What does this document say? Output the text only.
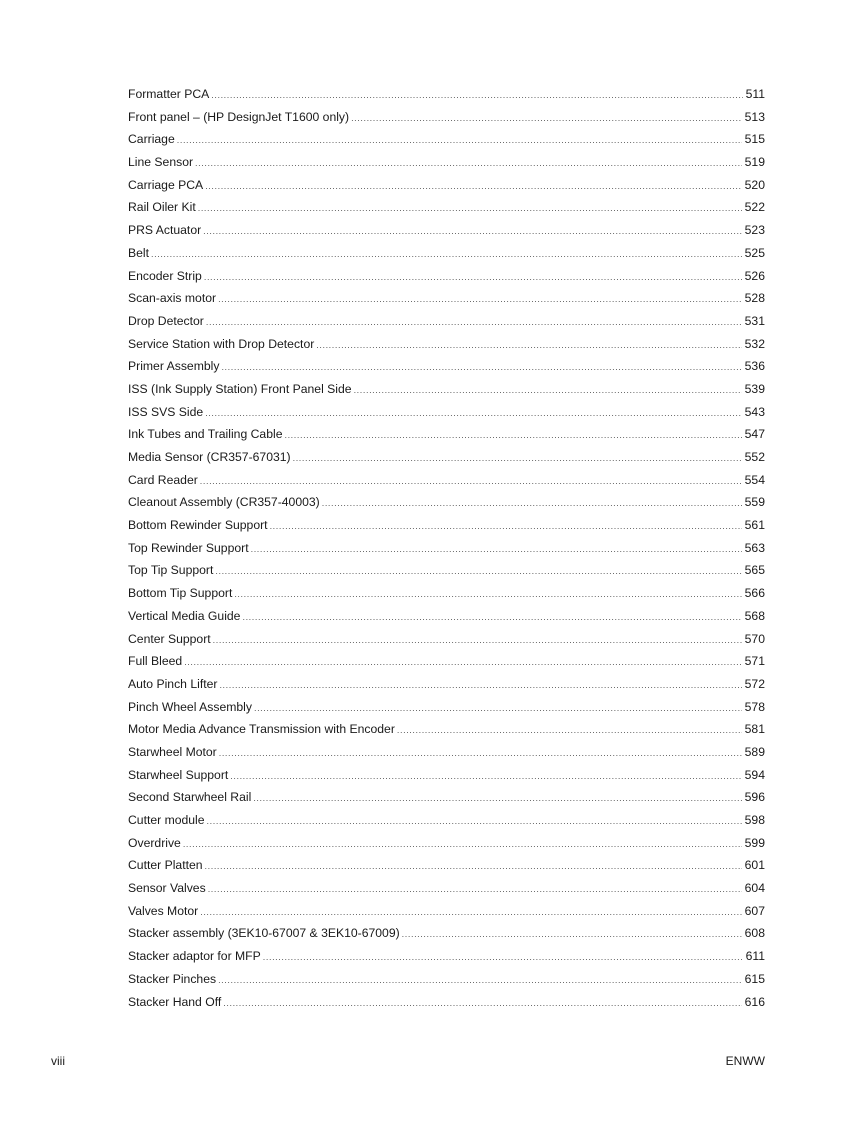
Formatter PCA .....	511
Front panel – (HP DesignJet T1600 only) .....	513
Carriage .....	515
Line Sensor .....	519
Carriage PCA .....	520
Rail Oiler Kit .....	522
PRS Actuator .....	523
Belt .....	525
Encoder Strip .....	526
Scan-axis motor .....	528
Drop Detector .....	531
Service Station with Drop Detector .....	532
Primer Assembly .....	536
ISS (Ink Supply Station) Front Panel Side .....	539
ISS SVS Side .....	543
Ink Tubes and Trailing Cable .....	547
Media Sensor (CR357-67031) .....	552
Card Reader .....	554
Cleanout Assembly (CR357-40003) .....	559
Bottom Rewinder Support .....	561
Top Rewinder Support .....	563
Top Tip Support .....	565
Bottom Tip Support .....	566
Vertical Media Guide .....	568
Center Support .....	570
Full Bleed .....	571
Auto Pinch Lifter .....	572
Pinch Wheel Assembly .....	578
Motor Media Advance Transmission with Encoder .....	581
Starwheel Motor .....	589
Starwheel Support .....	594
Second Starwheel Rail .....	596
Cutter module .....	598
Overdrive .....	599
Cutter Platten .....	601
Sensor Valves .....	604
Valves Motor .....	607
Stacker assembly (3EK10-67007 & 3EK10-67009) .....	608
Stacker adaptor for MFP .....	611
Stacker Pinches .....	615
Stacker Hand Off .....	616
viii	ENWW
